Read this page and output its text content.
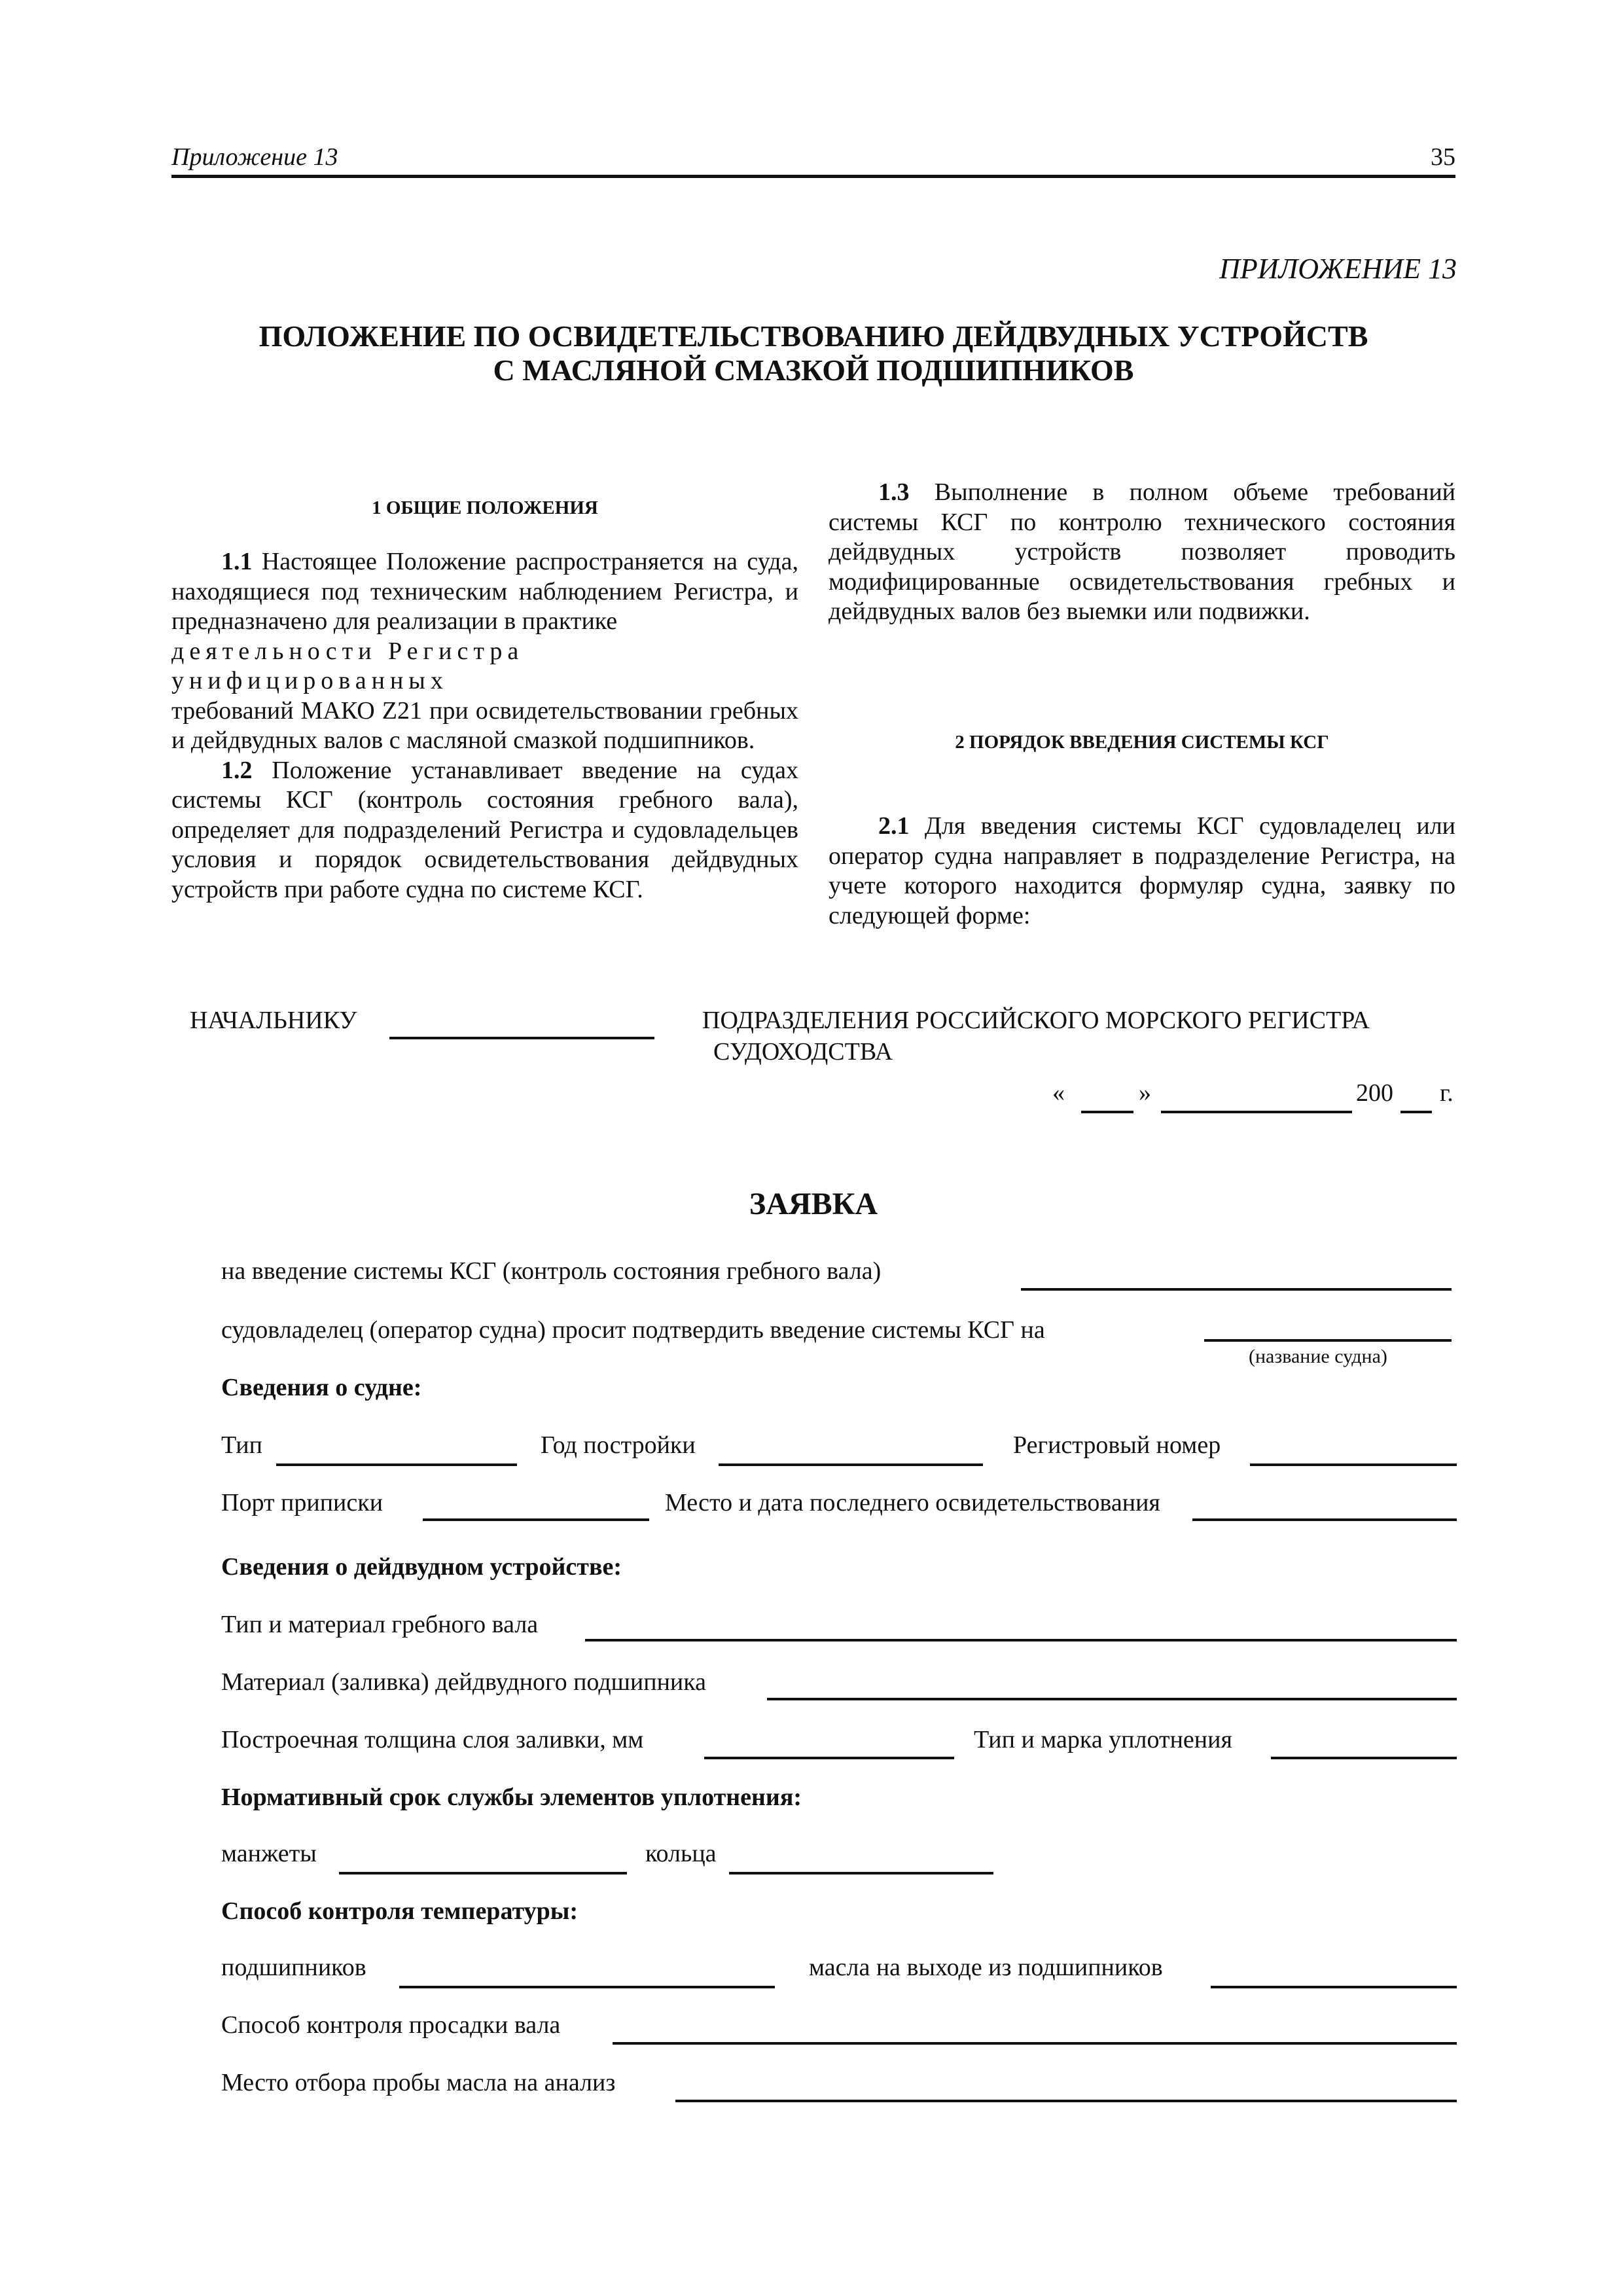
Приложение 13	35
ПРИЛОЖЕНИЕ 13
ПОЛОЖЕНИЕ ПО ОСВИДЕТЕЛЬСТВОВАНИЮ ДЕЙДВУДНЫХ УСТРОЙСТВ
С МАСЛЯНОЙ СМАЗКОЙ ПОДШИПНИКОВ
1 ОБЩИЕ ПОЛОЖЕНИЯ

1.1 Настоящее Положение распространяется на суда, находящиеся под техническим наблюдением Регистра, и предназначено для реализации в практике

деятельности Регистра унифицированных

требований МАКО Z21 при освидетельствовании гребных и дейдвудных валов с масляной смазкой подшипников.

1.2 Положение устанавливает введение на судах системы КСГ (контроль состояния гребного вала), определяет для подразделений Регистра и судовладельцев условия и порядок освидетельствования дейдвудных устройств при работе судна по системе КСГ.

1.3 Выполнение в полном объеме требований системы КСГ по контролю технического состояния дейдвудных устройств позволяет проводить модифицированные освидетельствования гребных и дейдвудных валов без выемки или подвижки.

2 ПОРЯДОК ВВЕДЕНИЯ СИСТЕМЫ КСГ

2.1 Для введения системы КСГ судовладелец или оператор судна направляет в подразделение Регистра, на учете которого находится формуляр судна, заявку по следующей форме:

НАЧАЛЬНИКУ	ПОДРАЗДЕЛЕНИЯ РОССИЙСКОГО МОРСКОГО РЕГИСТРА
СУДОХОДСТВА
«	»	200 г.
ЗАЯВКА
на введение системы КСГ (контроль состояния гребного вала)
судовладелец (оператор судна) просит подтвердить введение системы КСГ на
(название судна)
Сведения о судне:
Тип	Год постройки	Регистровый номер
Порт приписки	Место и дата последнего освидетельствования
Сведения о дейдвудном устройстве:
Тип и материал гребного вала
Материал (заливка) дейдвудного подшипника
Построечная толщина слоя заливки, мм	Тип и марка уплотнения
Нормативный срок службы элементов уплотнения:
манжеты	кольца
Способ контроля температуры:
подшипников	масла на выходе из подшипников
Способ контроля просадки вала
Место отбора пробы масла на анализ
